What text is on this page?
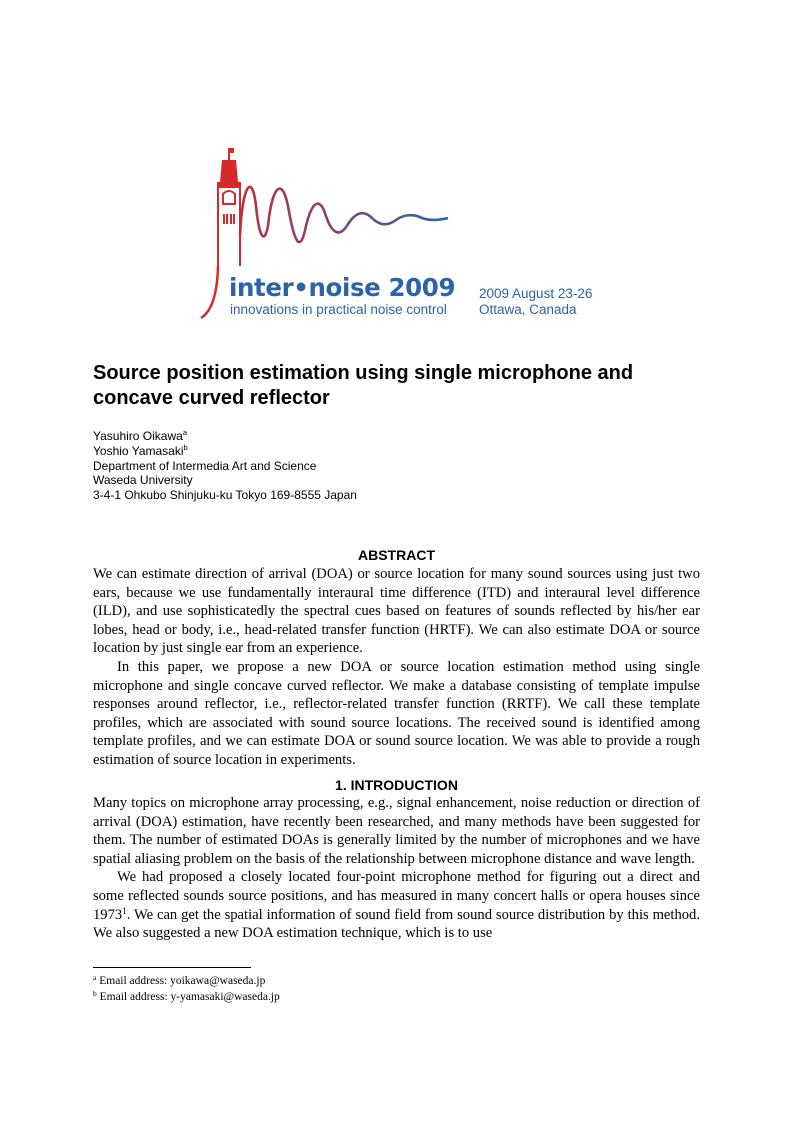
inter•noise 2009
innovations in practical noise control
2009 August 23-26
Ottawa, Canada
Source position estimation using single microphone and concave curved reflector
Yasuhiro Oikawa$^a$
Yoshio Yamasaki$^b$
Department of Intermedia Art and Science
Waseda University
3-4-1 Ohkubo Shinjuku-ku Tokyo 169-8555 Japan
ABSTRACT

We can estimate direction of arrival (DOA) or source location for many sound sources using just two ears, because we use fundamentally interaural time difference (ITD) and interaural level difference (ILD), and use sophisticatedly the spectral cues based on features of sounds reflected by his/her ear lobes, head or body, i.e., head-related transfer function (HRTF). We can also estimate DOA or source location by just single ear from an experience.

In this paper, we propose a new DOA or source location estimation method using single microphone and single concave curved reflector. We make a database consisting of template impulse responses around reflector, i.e., reflector-related transfer function (RRTF). We call these template profiles, which are associated with sound source locations. The received sound is identified among template profiles, and we can estimate DOA or sound source location. We was able to provide a rough estimation of source location in experiments.

1. INTRODUCTION

Many topics on microphone array processing, e.g., signal enhancement, noise reduction or direction of arrival (DOA) estimation, have recently been researched, and many methods have been suggested for them. The number of estimated DOAs is generally limited by the number of microphones and we have spatial aliasing problem on the basis of the relationship between microphone distance and wave length.

We had proposed a closely located four-point microphone method for figuring out a direct and some reflected sounds source positions, and has measured in many concert halls or opera houses since 1973$^1$. We can get the spatial information of sound field from sound source distribution by this method. We also suggested a new DOA estimation technique, which is to use

$^a$ Email address: yoikawa@waseda.jp
$^b$ Email address: y-yamasaki@waseda.jp
